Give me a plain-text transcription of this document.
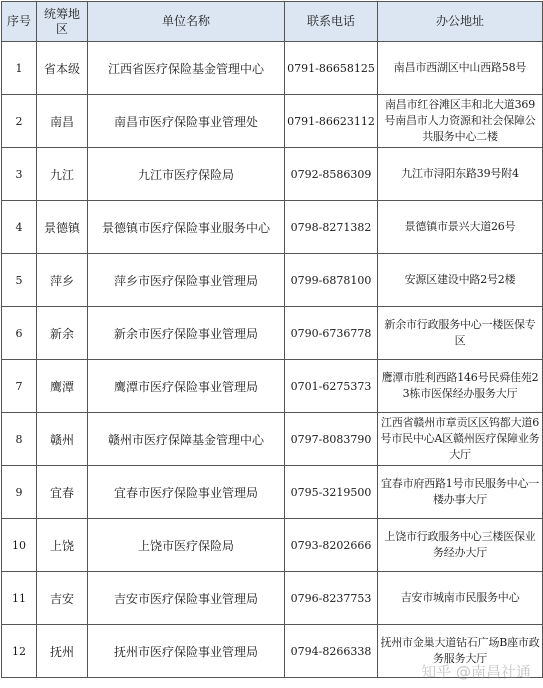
序号	统筹地区	单位名称	联系电话	办公地址
1	省本级	江西省医疗保险基金管理中心	0791-86658125	南昌市西湖区中山西路58号
2	南昌	南昌市医疗保险事业管理处	0791-86623112	南昌市红谷滩区丰和北大道369号南昌市人力资源和社会保障公共服务中心二楼
3	九江	九江市医疗保险局	0792-8586309	九江市浔阳东路39号附4
4	景德镇	景德镇市医疗保险事业服务中心	0798-8271382	景德镇市景兴大道26号
5	萍乡	萍乡市医疗保险事业管理局	0799-6878100	安源区建设中路2号2楼
6	新余	新余市医疗保险事业管理局	0790-6736778	新余市行政服务中心一楼医保专区
7	鹰潭	鹰潭市医疗保险事业管理局	0701-6275373	鹰潭市胜利西路146号民舜佳苑23栋市医保经办服务大厅
8	赣州	赣州市医疗保障基金管理中心	0797-8083790	江西省赣州市章贡区区钨都大道6号市民中心A区赣州医疗保障业务大厅
9	宜春	宜春市医疗保险事业管理局	0795-3219500	宜春市府西路1号市民服务中心一楼办事大厅
10	上饶	上饶市医疗保险局	0793-8202666	上饶市行政服务中心三楼医保业务经办大厅
11	吉安	吉安市医疗保险事业管理局	0796-8237753	吉安市城南市民服务中心
12	抚州	抚州市医疗保险事业管理局	0794-8266338	抚州市金巢大道钻石广场B座市政务服务大厅
知乎 @南昌社通
